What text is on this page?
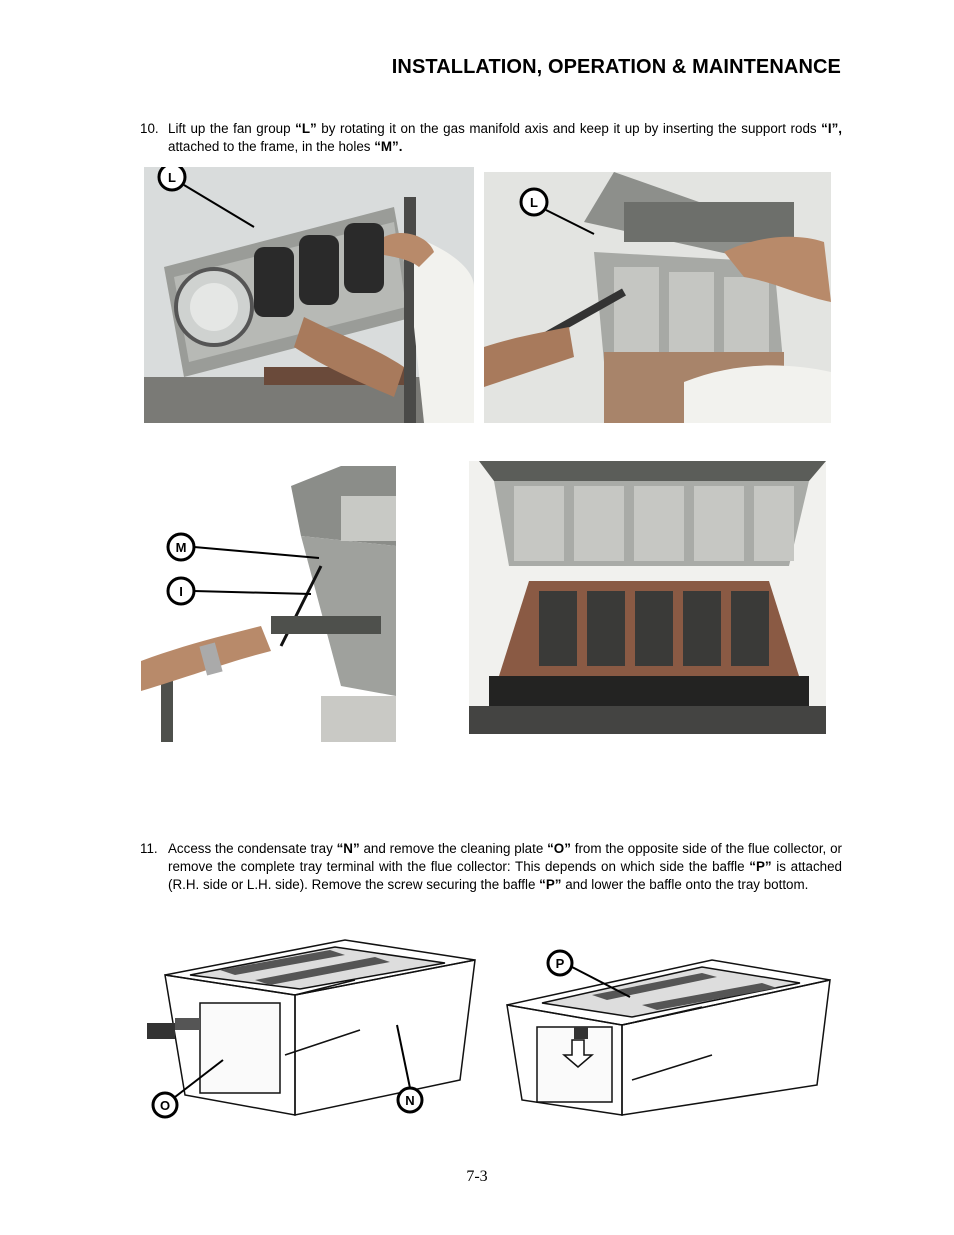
INSTALLATION, OPERATION & MAINTENANCE
10. Lift up the fan group “L” by rotating it on the gas manifold axis and keep it up by inserting the support rods “I”, attached to the frame, in the holes “M”.
L
L
M
I
11. Access the condensate tray “N” and remove the cleaning plate “O” from the opposite side of the flue collector, or remove the complete tray terminal with the flue collector: This depends on which side the baffle “P” is attached (R.H. side or L.H. side). Remove the screw securing the baffle “P” and lower the baffle onto the tray bottom.
O	N
P
7-3
